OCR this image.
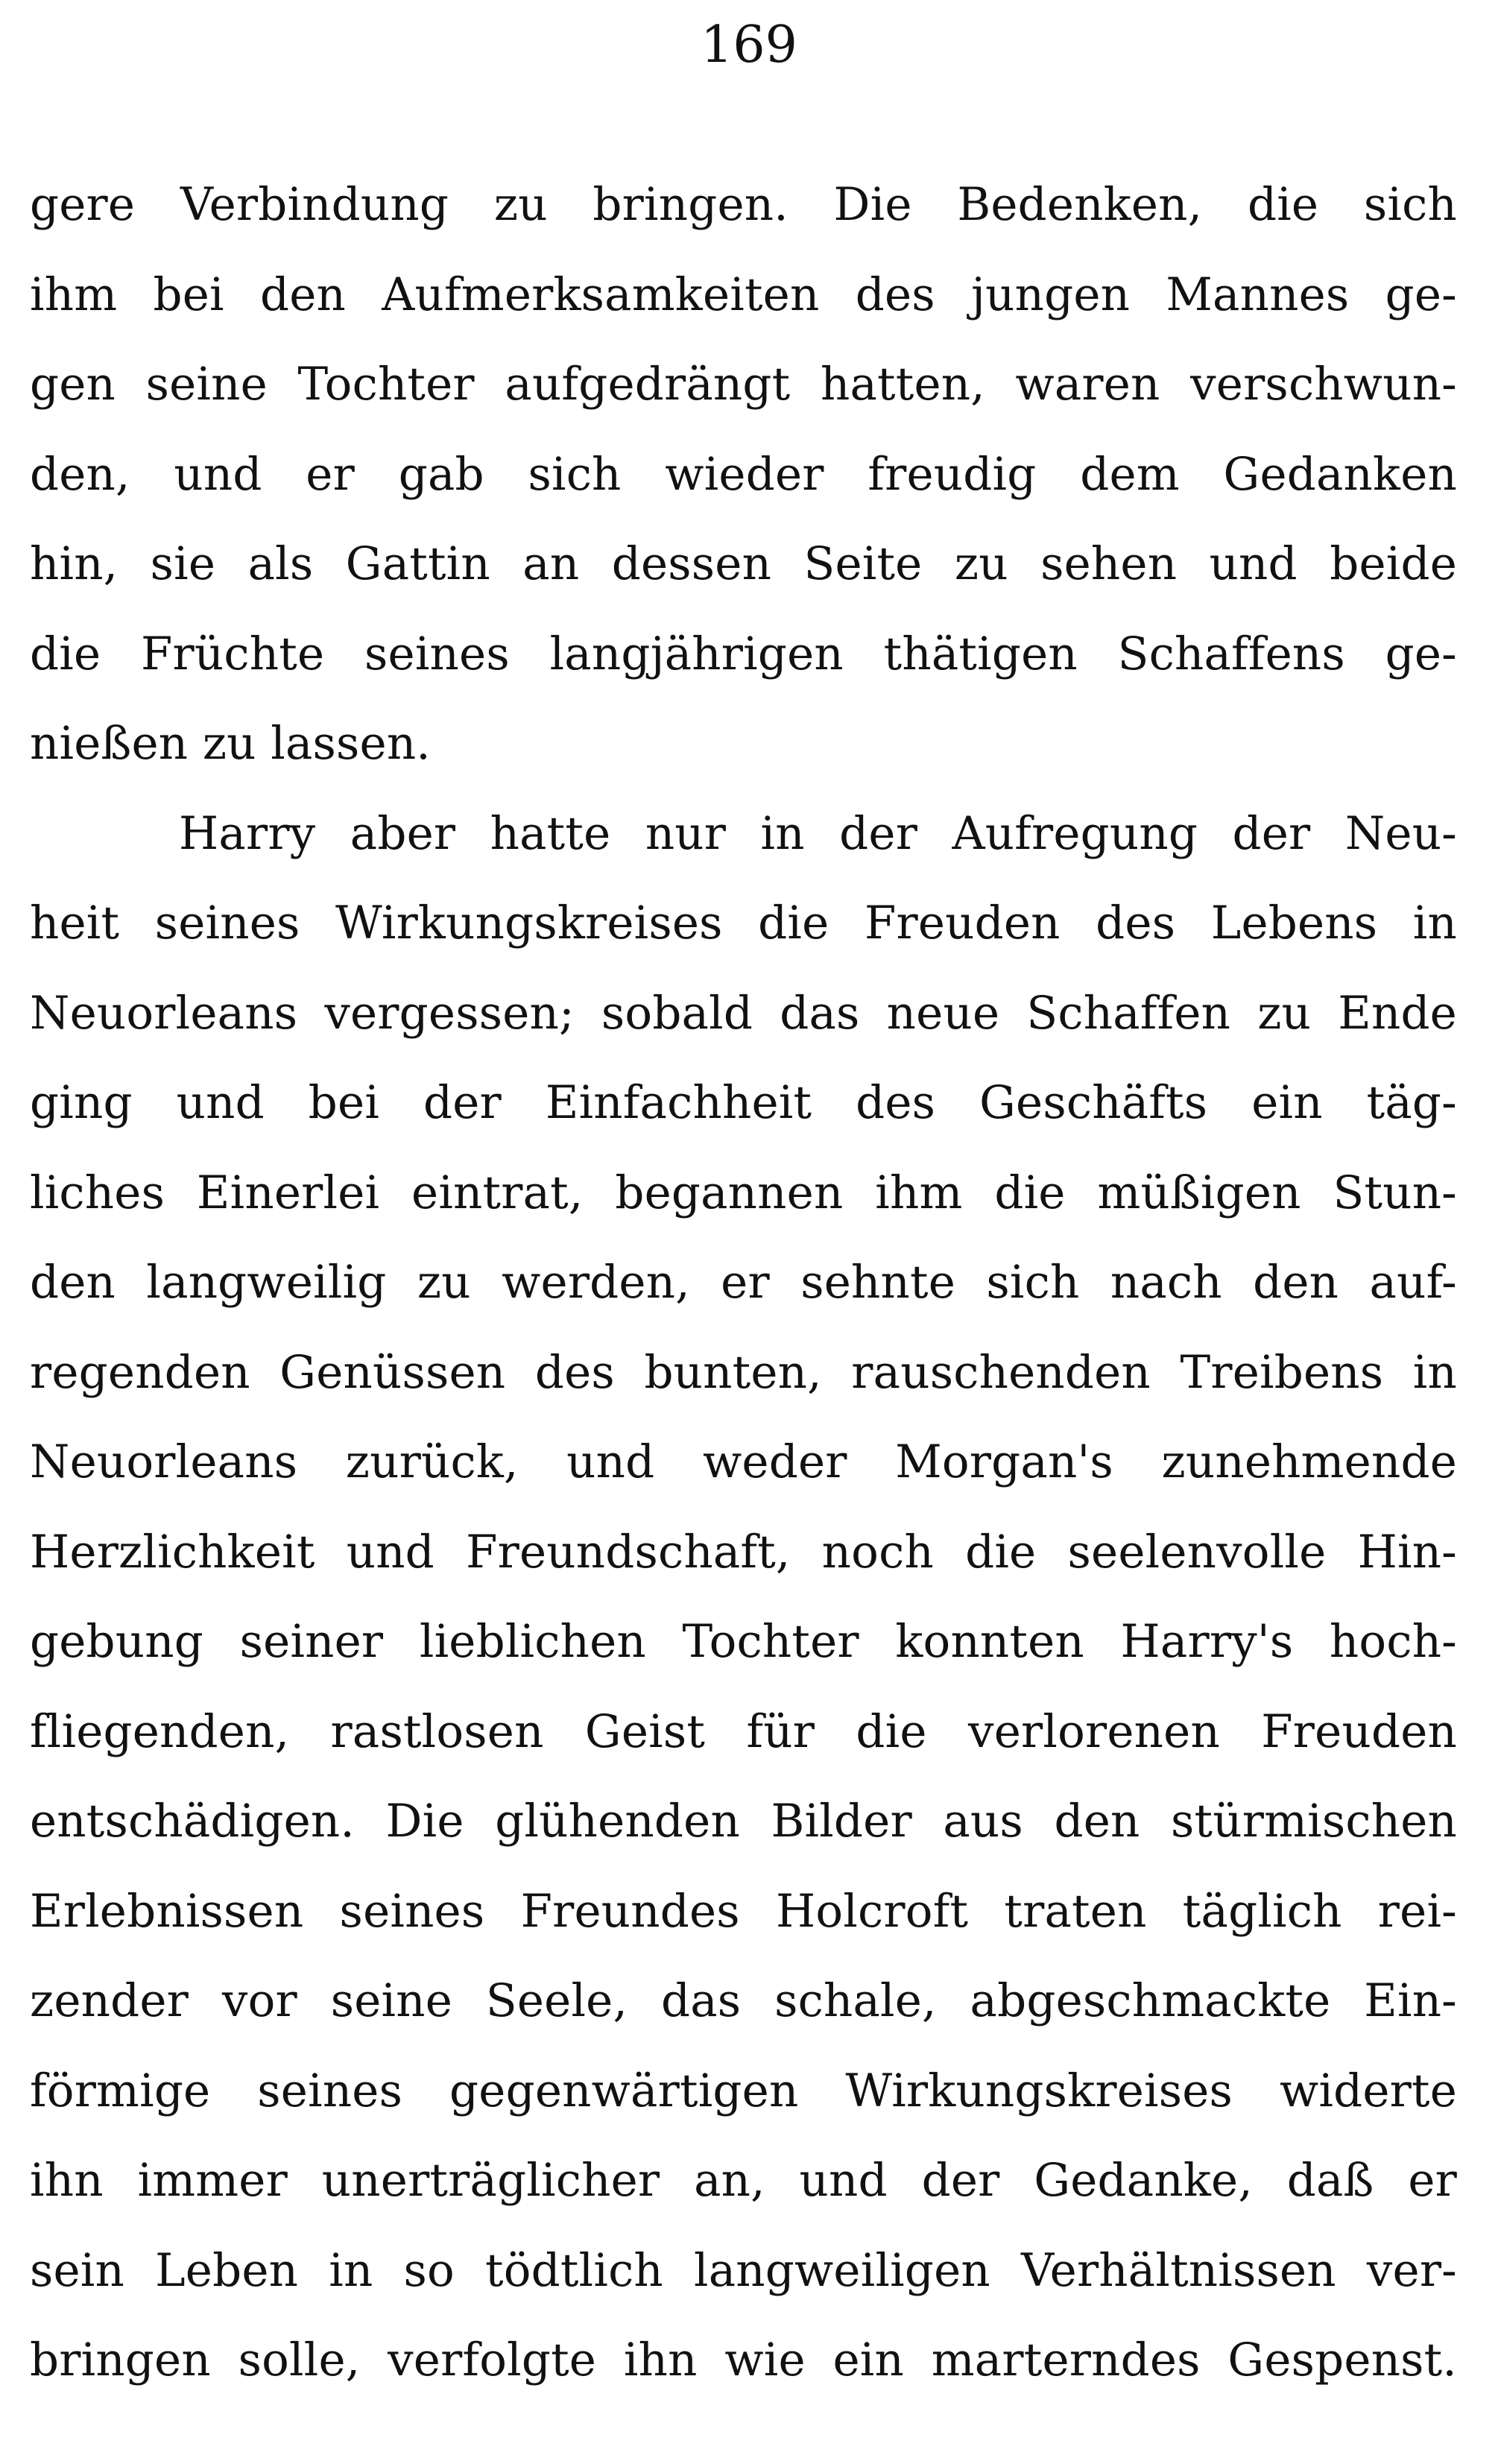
169
gere Verbindung zu bringen. Die Bedenken, die sich
ihm bei den Aufmerksamkeiten des jungen Mannes ge-
gen seine Tochter aufgedrängt hatten, waren verschwun-
den, und er gab sich wieder freudig dem Gedanken
hin, sie als Gattin an dessen Seite zu sehen und beide
die Früchte seines langjährigen thätigen Schaffens ge-
nießen zu lassen.
Harry aber hatte nur in der Aufregung der Neu-
heit seines Wirkungskreises die Freuden des Lebens in
Neuorleans vergessen; sobald das neue Schaffen zu Ende
ging und bei der Einfachheit des Geschäfts ein täg-
liches Einerlei eintrat, begannen ihm die müßigen Stun-
den langweilig zu werden, er sehnte sich nach den auf-
regenden Genüssen des bunten, rauschenden Treibens in
Neuorleans zurück, und weder Morgan's zunehmende
Herzlichkeit und Freundschaft, noch die seelenvolle Hin-
gebung seiner lieblichen Tochter konnten Harry's hoch-
fliegenden, rastlosen Geist für die verlorenen Freuden
entschädigen. Die glühenden Bilder aus den stürmischen
Erlebnissen seines Freundes Holcroft traten täglich rei-
zender vor seine Seele, das schale, abgeschmackte Ein-
förmige seines gegenwärtigen Wirkungskreises widerte
ihn immer unerträglicher an, und der Gedanke, daß er
sein Leben in so tödtlich langweiligen Verhältnissen ver-
bringen solle, verfolgte ihn wie ein marterndes Gespenst.
